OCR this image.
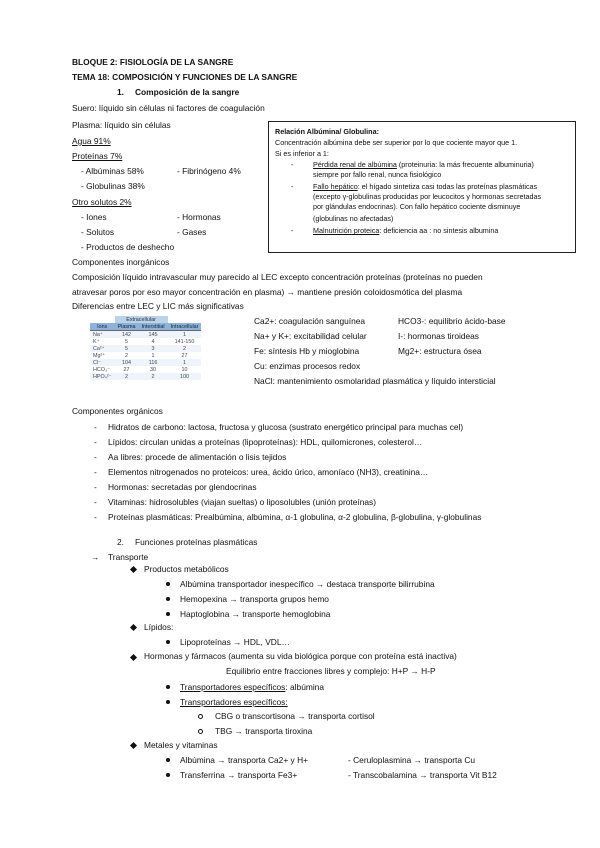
BLOQUE 2: FISIOLOGÍA DE LA SANGRE
TEMA 18: COMPOSICIÓN Y FUNCIONES DE LA SANGRE
1. Composición de la sangre
Suero: líquido sin células ni factores de coagulación
Plasma: líquido sin células
Agua 91%
Proteínas 7%
- Albúminas 58%	- Fibrinógeno 4%
- Globulinas 38%
Otro solutos 2%
- Iones	- Hormonas
- Solutos	- Gases
- Productos de deshecho
Relación Albúmina/ Globulina:
Concentración albúmina debe ser superior por lo que cociente mayor que 1.
Si es inferior a 1:
-	Pérdida renal de albúmina (proteinuria: la más frecuente albuminuria)
siempre por fallo renal, nunca fisiológico
-	Fallo hepático: el hígado sintetiza casi todas las proteínas plasmáticas
(excepto γ-globulinas producidas por leucocitos y hormonas secretadas
por glándulas endocrinas). Con fallo hepático cociente disminuye
(globulinas no afectadas)
-	Malnutrición proteica: deficiencia aa : no sintesis albumina
Componentes inorgánicos
Composición líquido intravascular muy parecido al LEC excepto concentración proteínas (proteínas no pueden
atravesar poros por eso mayor concentración en plasma) → mantiene presión coloidosmótica del plasma
Diferencias entre LEC y LIC más significativas
	Extracellular		
Ions	Plasma	Interstitial	Intracellular
Na⁺	142	145	1
K⁺	5	4	141-150
Ca²⁺	5	3	2
Mg²⁺	2	1	27
Cl⁻	104	116	1
HCO₃⁻	27	30	10
HPO₄²⁻	2	2	100
Ca2+: coagulación sanguínea	HCO3-: equilibrio ácido-base
Na+ y K+: excitabilidad celular	I-: hormonas tiroideas
Fe: síntesis Hb y mioglobina	Mg2+: estructura ósea
Cu: enzimas procesos redox
NaCl: mantenimiento osmolaridad plasmática y líquido intersticial
Componentes orgánicos
- Hidratos de carbono: lactosa, fructosa y glucosa (sustrato energético principal para muchas cel)
- Lípidos: circulan unidas a proteínas (lipoproteínas): HDL, quilomicrones, colesterol…
- Aa libres: procede de alimentación o lisis tejidos
- Elementos nitrogenados no proteicos: urea, ácido úrico, amoníaco (NH3), creatinina…
- Hormonas: secretadas por glendocrinas
- Vitaminas: hidrosolubles (viajan sueltas) o liposolubles (unión proteínas)
- Proteínas plasmáticas: Prealbúmina, albúmina, α-1 globulina, α-2 globulina, β-globulina, γ-globulinas
2. Funciones proteínas plasmáticas
→ Transporte
Productos metabólicos
Albúmina transportador inespecífico → destaca transporte bilirrubina
Hemopexina → transporta grupos hemo
Haptoglobina → transporte hemoglobina
Lípidos:
Lipoproteínas → HDL, VDL…
Hormonas y fármacos (aumenta su vida biológica porque con proteína está inactiva)
Equilibrio entre fracciones libres y complejo: H+P → H-P
Transportadores específicos: albúmina
Transportadores específicos:
CBG o transcortisona → transporta cortisol
TBG → transporta tiroxina
Metales y vitaminas
Albúmina → transporta Ca2+ y H+	- Ceruloplasmina → transporta Cu
Transferrina → transporta Fe3+	- Transcobalamina → transporta Vit B12
